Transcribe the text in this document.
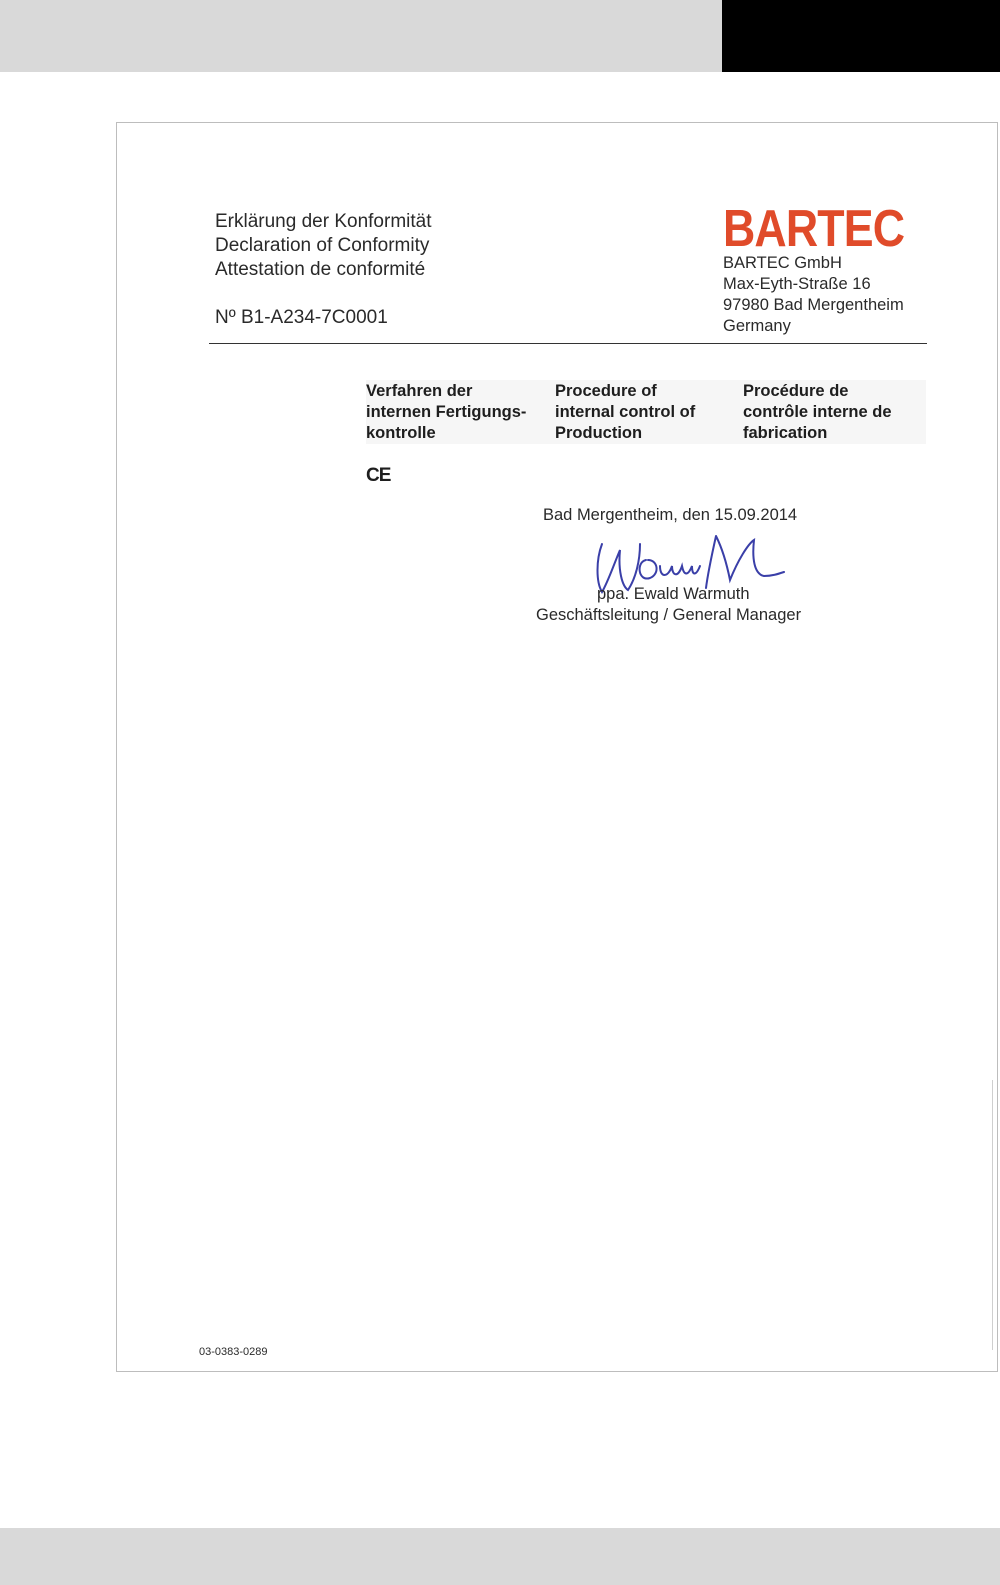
Erklärung der Konformität
Declaration of Conformity
Attestation de conformité
Nº B1-A234-7C0001
BARTEC
BARTEC GmbH
Max-Eyth-Straße 16
97980 Bad Mergentheim
Germany
Verfahren der
internen Fertigungs-
kontrolle
Procedure of
internal control of
Production
Procédure de
contrôle interne de
fabrication
CE
Bad Mergentheim, den 15.09.2014
ppa. Ewald Warmuth
Geschäftsleitung / General Manager
03-0383-0289
